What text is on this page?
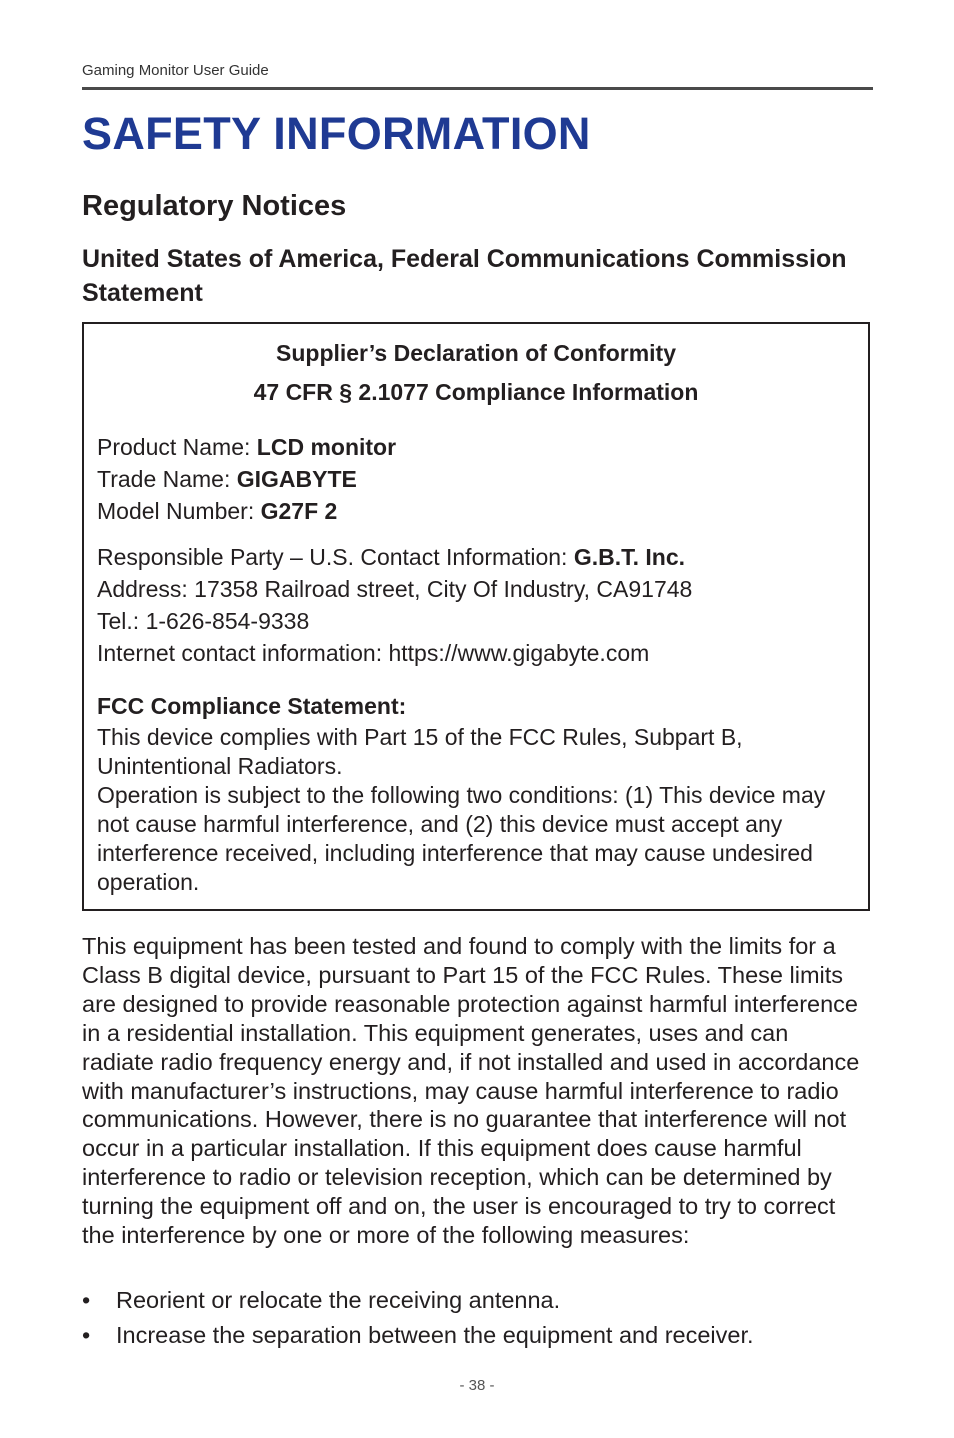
Gaming Monitor User Guide
SAFETY INFORMATION
Regulatory Notices
United States of America, Federal Communications Commission Statement

Supplier’s Declaration of Conformity

47 CFR § 2.1077 Compliance Information

Product Name: LCD monitor
Trade Name: GIGABYTE
Model Number: G27F 2
Responsible Party – U.S. Contact Information: G.B.T. Inc.
Address: 17358 Railroad street, City Of Industry, CA91748
Tel.: 1-626-854-9338
Internet contact information: https://www.gigabyte.com
FCC Compliance Statement:
This device complies with Part 15 of the FCC Rules, Subpart B, Unintentional Radiators.
Operation is subject to the following two conditions: (1) This device may not cause harmful interference, and (2) this device must accept any interference received, including interference that may cause undesired operation.

This equipment has been tested and found to comply with the limits for a Class B digital device, pursuant to Part 15 of the FCC Rules. These limits are designed to provide reasonable protection against harmful interference in a residential installation. This equipment generates, uses and can radiate radio frequency energy and, if not installed and used in accordance with manufacturer’s instructions, may cause harmful interference to radio communications. However, there is no guarantee that interference will not occur in a particular installation. If this equipment does cause harmful interference to radio or television reception, which can be determined by turning the equipment off and on, the user is encouraged to try to correct the interference by one or more of the following measures:

• Reorient or relocate the receiving antenna.
• Increase the separation between the equipment and receiver.
- 38 -
